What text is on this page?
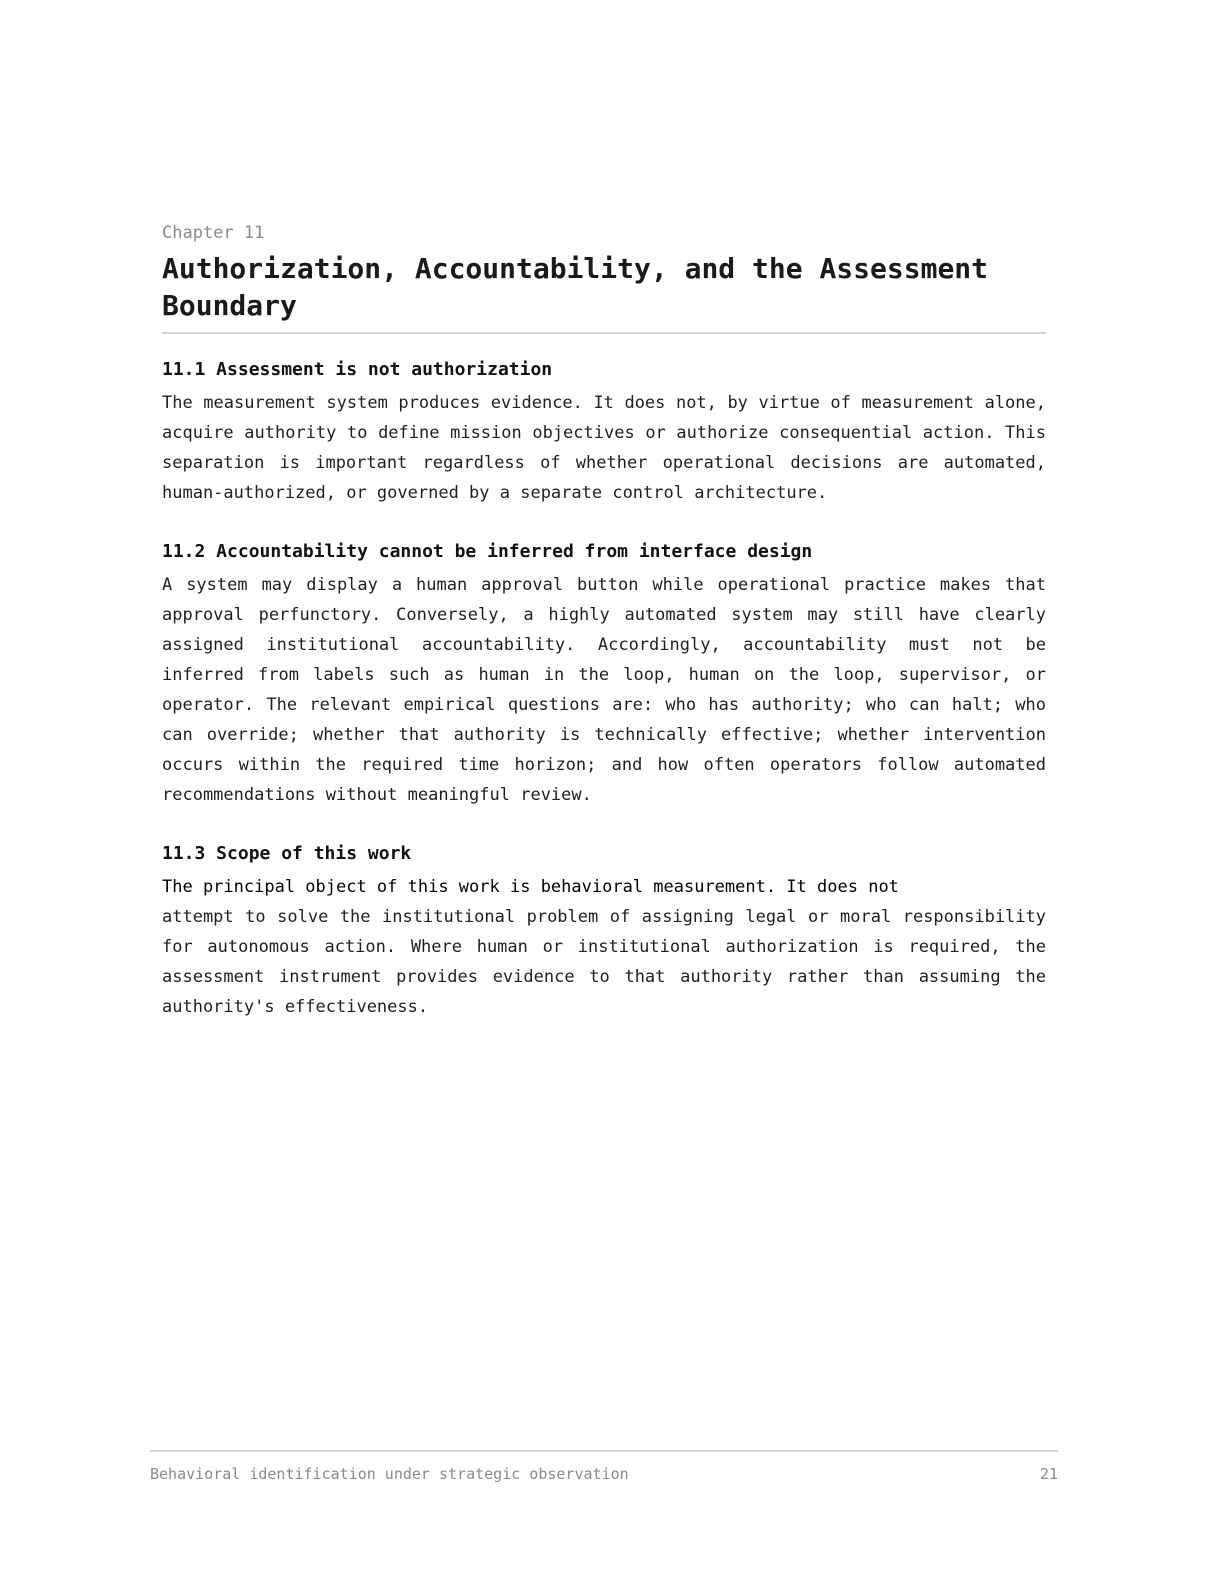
Chapter 11
Authorization, Accountability, and the Assessment Boundary
11.1 Assessment is not authorization

The measurement system produces evidence. It does not, by virtue of measurement alone, acquire authority to define mission objectives or authorize consequential action. This separation is important regardless of whether operational decisions are automated, human-authorized, or governed by a separate control architecture.

11.2 Accountability cannot be inferred from interface design

A system may display a human approval button while operational practice makes that approval perfunctory. Conversely, a highly automated system may still have clearly assigned institutional accountability. Accordingly, accountability must not be inferred from labels such as human in the loop, human on the loop, supervisor, or operator. The relevant empirical questions are: who has authority; who can halt; who can override; whether that authority is technically effective; whether intervention occurs within the required time horizon; and how often operators follow automated recommendations without meaningful review.

11.3 Scope of this work

The principal object of this work is behavioral measurement. It does not
attempt to solve the institutional problem of assigning legal or moral responsibility for autonomous action. Where human or institutional authorization is required, the assessment instrument provides evidence to that authority rather than assuming the authority's effectiveness.

Behavioral identification under strategic observation	21
